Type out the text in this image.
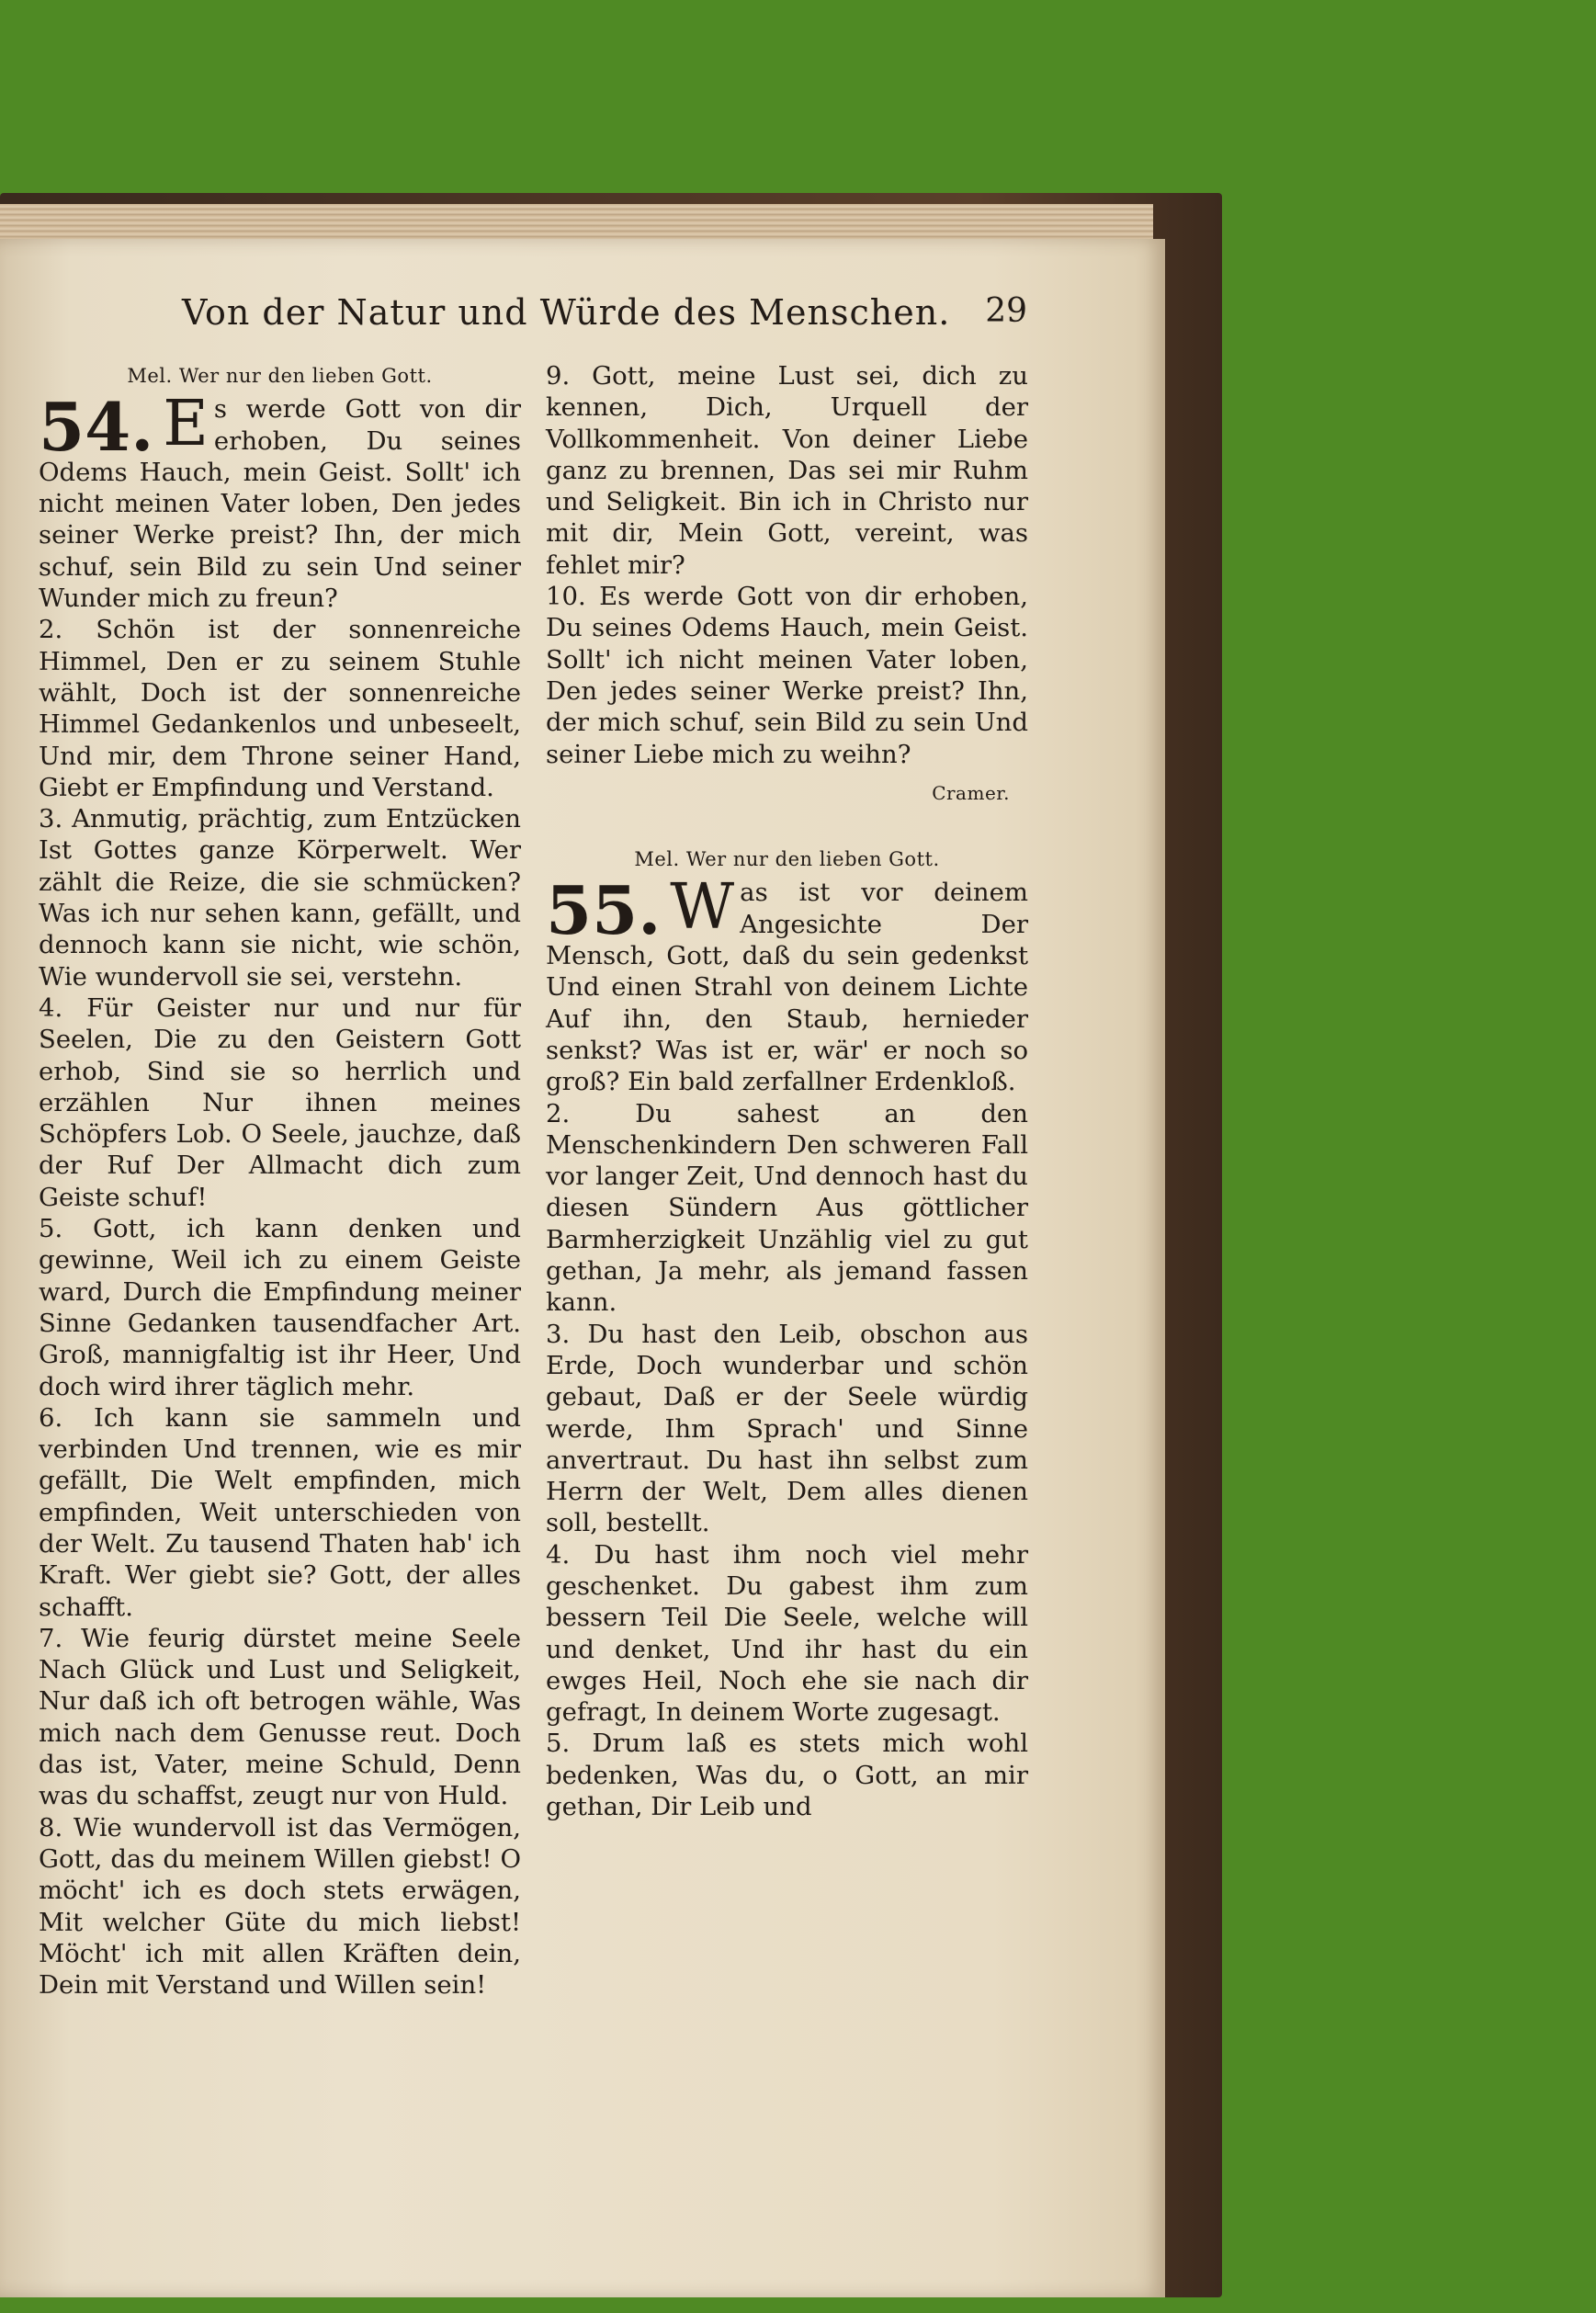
Von der Natur und Würde des Menschen. 29
Mel. Wer nur den lieben Gott.
54. E s werde Gott von dir erhoben, Du seines Odems Hauch, mein Geist. Sollt' ich nicht meinen Vater loben, Den jedes seiner Werke preist? Ihn, der mich schuf, sein Bild zu sein Und seiner Wunder mich zu freun?

2. Schön ist der sonnenreiche Himmel, Den er zu seinem Stuhle wählt, Doch ist der sonnenreiche Himmel Gedankenlos und unbeseelt, Und mir, dem Throne seiner Hand, Giebt er Empfindung und Verstand.

3. Anmutig, prächtig, zum Entzücken Ist Gottes ganze Körperwelt. Wer zählt die Reize, die sie schmücken? Was ich nur sehen kann, gefällt, und dennoch kann sie nicht, wie schön, Wie wundervoll sie sei, verstehn.

4. Für Geister nur und nur für Seelen, Die zu den Geistern Gott erhob, Sind sie so herrlich und erzählen Nur ihnen meines Schöpfers Lob. O Seele, jauchze, daß der Ruf Der Allmacht dich zum Geiste schuf!

5. Gott, ich kann denken und gewinne, Weil ich zu einem Geiste ward, Durch die Empfindung meiner Sinne Gedanken tausendfacher Art. Groß, mannigfaltig ist ihr Heer, Und doch wird ihrer täglich mehr.

6. Ich kann sie sammeln und verbinden Und trennen, wie es mir gefällt, Die Welt empfinden, mich empfinden, Weit unterschieden von der Welt. Zu tausend Thaten hab' ich Kraft. Wer giebt sie? Gott, der alles schafft.

7. Wie feurig dürstet meine Seele Nach Glück und Lust und Seligkeit, Nur daß ich oft betrogen wähle, Was mich nach dem Genusse reut. Doch das ist, Vater, meine Schuld, Denn was du schaffst, zeugt nur von Huld.

8. Wie wundervoll ist das Vermögen, Gott, das du meinem Willen giebst! O möcht' ich es doch stets erwägen, Mit welcher Güte du mich liebst! Möcht' ich mit allen Kräften dein, Dein mit Verstand und Willen sein!

9. Gott, meine Lust sei, dich zu kennen, Dich, Urquell der Vollkommenheit. Von deiner Liebe ganz zu brennen, Das sei mir Ruhm und Seligkeit. Bin ich in Christo nur mit dir, Mein Gott, vereint, was fehlet mir?

10. Es werde Gott von dir erhoben, Du seines Odems Hauch, mein Geist. Sollt' ich nicht meinen Vater loben, Den jedes seiner Werke preist? Ihn, der mich schuf, sein Bild zu sein Und seiner Liebe mich zu weihn?

Cramer.
Mel. Wer nur den lieben Gott.
55. W as ist vor deinem Angesichte Der Mensch, Gott, daß du sein gedenkst Und einen Strahl von deinem Lichte Auf ihn, den Staub, hernieder senkst? Was ist er, wär' er noch so groß? Ein bald zerfallner Erdenkloß.

2. Du sahest an den Menschenkindern Den schweren Fall vor langer Zeit, Und dennoch hast du diesen Sündern Aus göttlicher Barmherzigkeit Unzählig viel zu gut gethan, Ja mehr, als jemand fassen kann.

3. Du hast den Leib, obschon aus Erde, Doch wunderbar und schön gebaut, Daß er der Seele würdig werde, Ihm Sprach' und Sinne anvertraut. Du hast ihn selbst zum Herrn der Welt, Dem alles dienen soll, bestellt.

4. Du hast ihm noch viel mehr geschenket. Du gabest ihm zum bessern Teil Die Seele, welche will und denket, Und ihr hast du ein ewges Heil, Noch ehe sie nach dir gefragt, In deinem Worte zugesagt.

5. Drum laß es stets mich wohl bedenken, Was du, o Gott, an mir gethan, Dir Leib und
